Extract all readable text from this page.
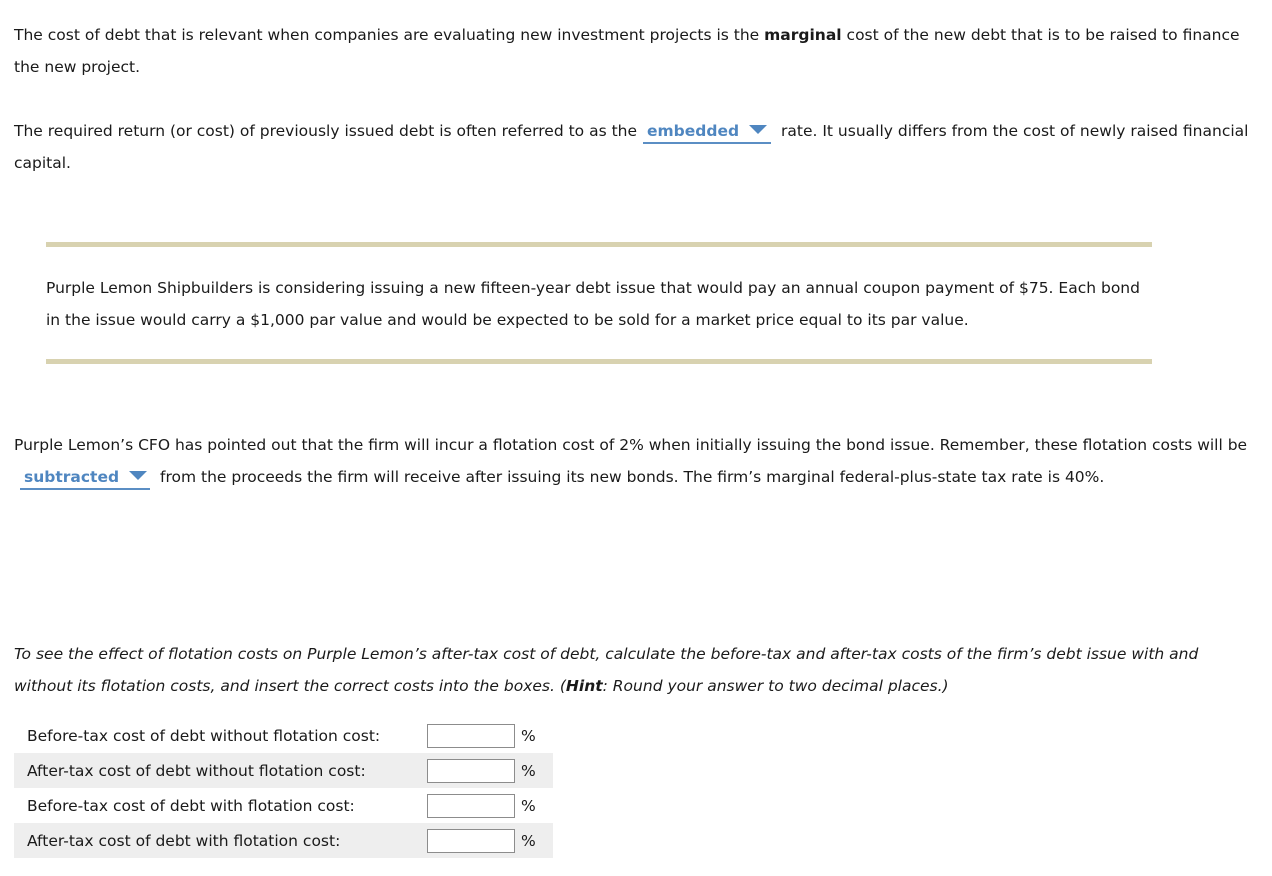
The cost of debt that is relevant when companies are evaluating new investment projects is the marginal cost of the new debt that is to be raised to finance the new project.

The required return (or cost) of previously issued debt is often referred to as the embedded	rate. It usually differs from the cost of newly raised financial capital.

Purple Lemon Shipbuilders is considering issuing a new fifteen-year debt issue that would pay an annual coupon payment of $75. Each bond in the issue would carry a $1,000 par value and would be expected to be sold for a market price equal to its par value.

Purple Lemon’s CFO has pointed out that the firm will incur a flotation cost of 2% when initially issuing the bond issue. Remember, these flotation costs will besubtracted	from the proceeds the firm will receive after issuing its new bonds. The firm’s marginal federal-plus-state tax rate is 40%.

To see the effect of flotation costs on Purple Lemon’s after-tax cost of debt, calculate the before-tax and after-tax costs of the firm’s debt issue with and without its flotation costs, and insert the correct costs into the boxes. (Hint: Round your answer to two decimal places.)

Before-tax cost of debt without flotation cost:	%
After-tax cost of debt without flotation cost:	%
Before-tax cost of debt with flotation cost:	%
After-tax cost of debt with flotation cost:	%
